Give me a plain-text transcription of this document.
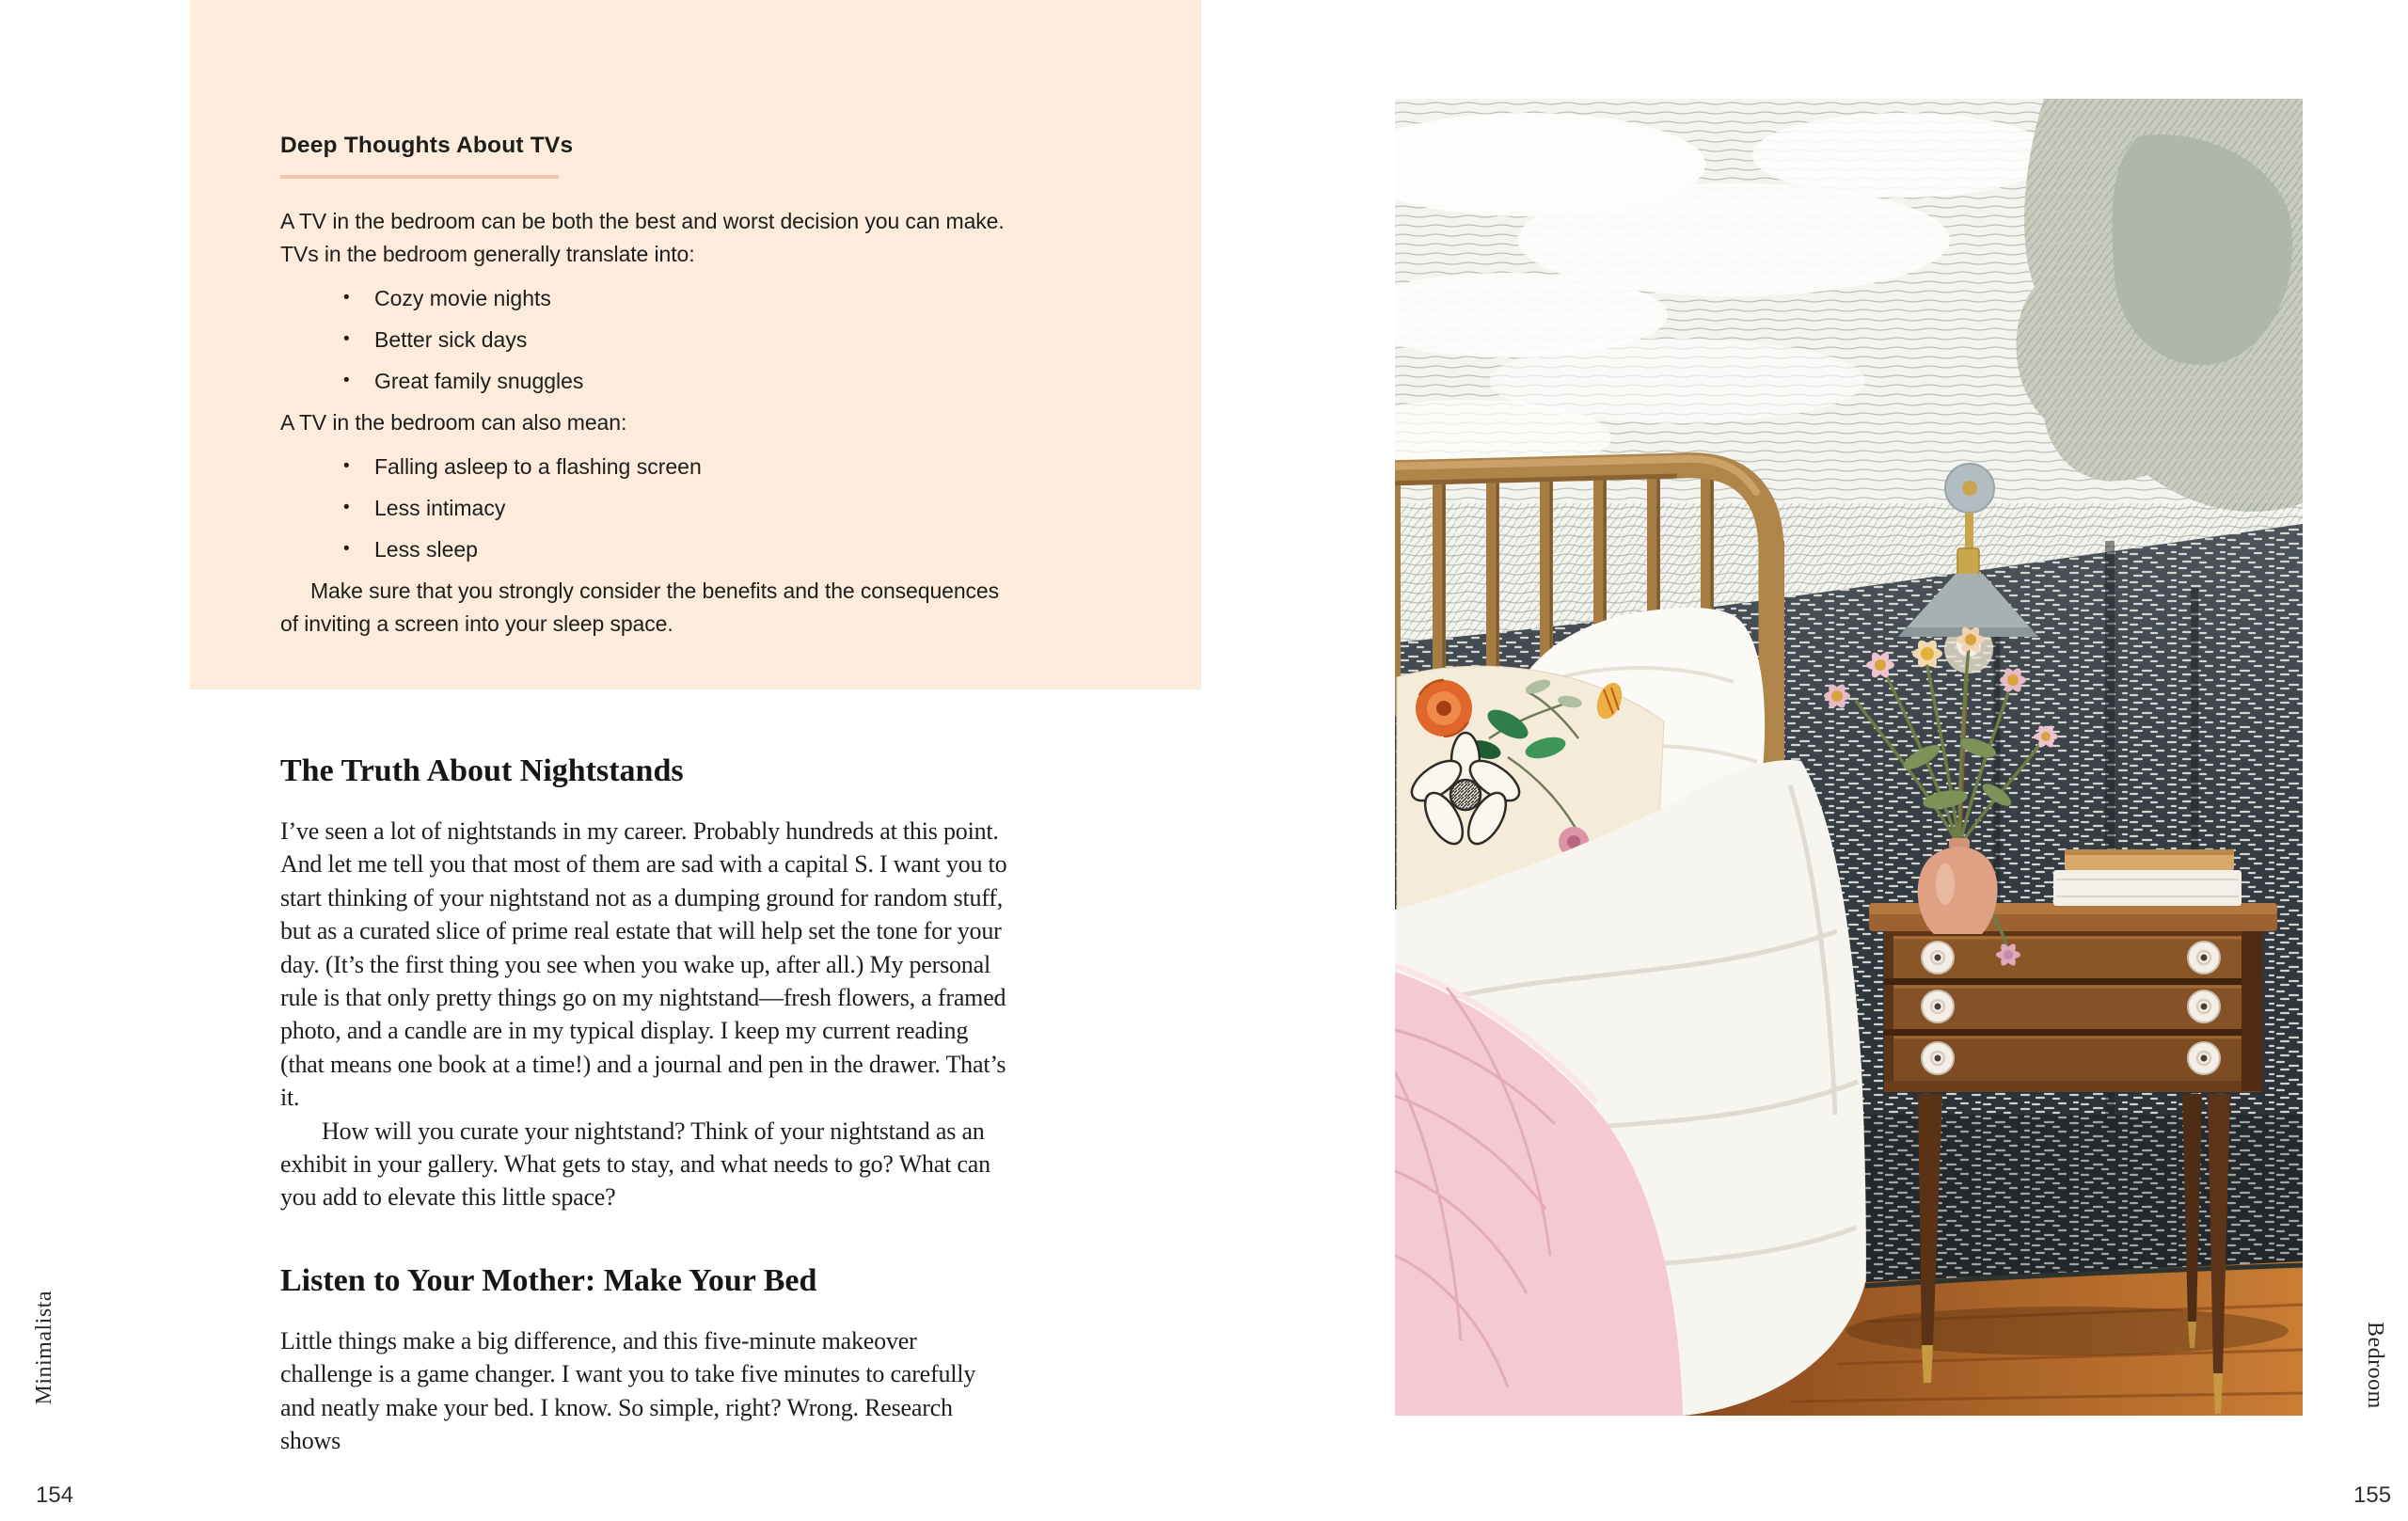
Minimalista
154
Deep Thoughts About TVs

A TV in the bedroom can be both the best and worst decision you can make. TVs in the bedroom generally translate into:

• Cozy movie nights
• Better sick days
• Great family snuggles

A TV in the bedroom can also mean:

• Falling asleep to a flashing screen
• Less intimacy
• Less sleep

Make sure that you strongly consider the benefits and the consequences of inviting a screen into your sleep space.

The Truth About Nightstands

I’ve seen a lot of nightstands in my career. Probably hundreds at this point. And let me tell you that most of them are sad with a capital S. I want you to start thinking of your nightstand not as a dumping ground for random stuff, but as a curated slice of prime real estate that will help set the tone for your day. (It’s the first thing you see when you wake up, after all.) My personal rule is that only pretty things go on my nightstand—fresh flowers, a framed photo, and a candle are in my typical display. I keep my current reading (that means one book at a time!) and a journal and pen in the drawer. That’s it.

How will you curate your nightstand? Think of your nightstand as an exhibit in your gallery. What gets to stay, and what needs to go? What can you add to elevate this little space?

Listen to Your Mother: Make Your Bed

Little things make a big difference, and this five-minute makeover challenge is a game changer. I want you to take five minutes to carefully and neatly make your bed. I know. So simple, right? Wrong. Research shows

Bedroom
155
